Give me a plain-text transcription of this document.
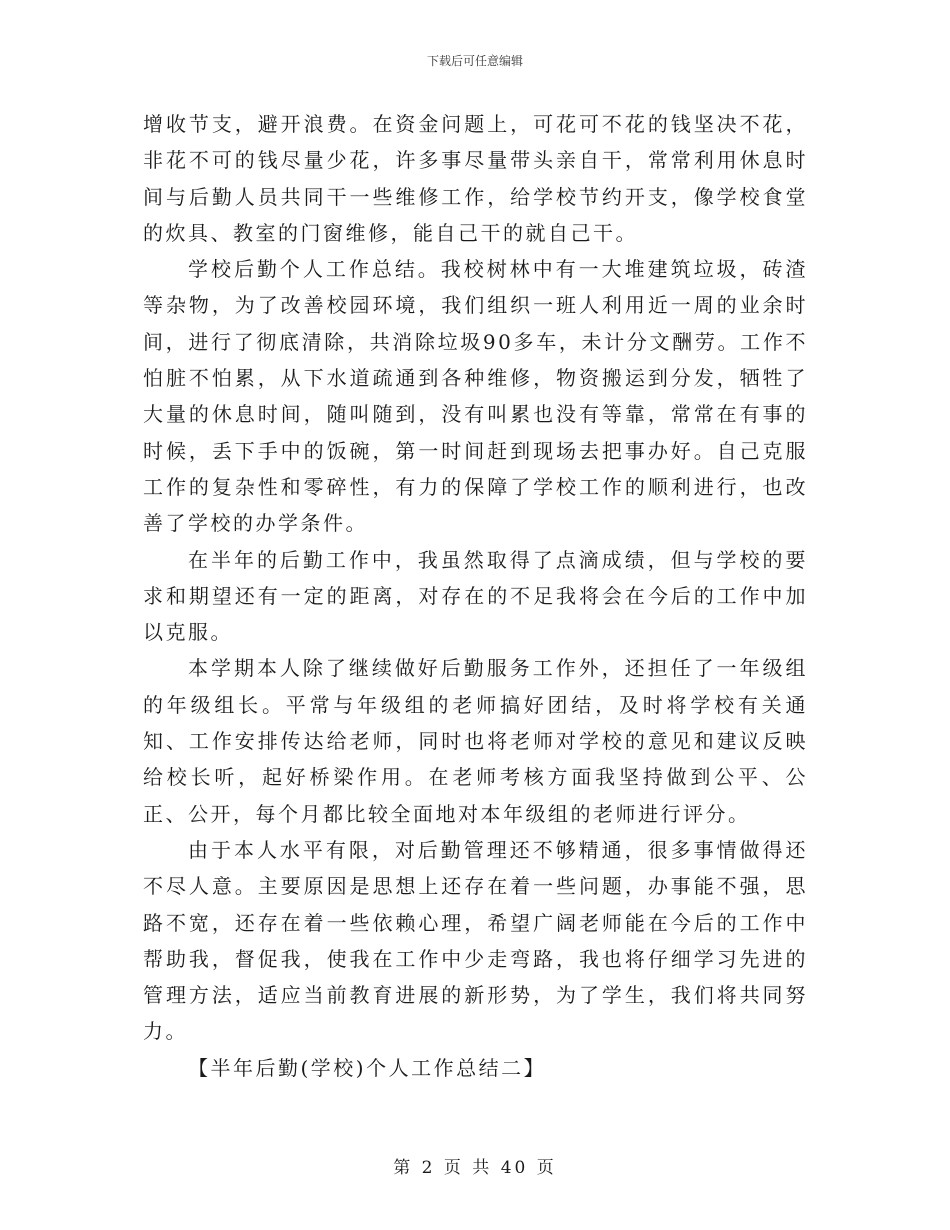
下载后可任意编辑

增收节支，避开浪费。在资金问题上，可花可不花的钱坚决不花，非花不可的钱尽量少花，许多事尽量带头亲自干，常常利用休息时间与后勤人员共同干一些维修工作，给学校节约开支，像学校食堂的炊具、教室的门窗维修，能自己干的就自己干。

学校后勤个人工作总结。我校树林中有一大堆建筑垃圾，砖渣等杂物，为了改善校园环境，我们组织一班人利用近一周的业余时间，进行了彻底清除，共消除垃圾90多车，未计分文酬劳。工作不怕脏不怕累，从下水道疏通到各种维修，物资搬运到分发，牺牲了大量的休息时间，随叫随到，没有叫累也没有等靠，常常在有事的时候，丢下手中的饭碗，第一时间赶到现场去把事办好。自己克服工作的复杂性和零碎性，有力的保障了学校工作的顺利进行，也改善了学校的办学条件。

在半年的后勤工作中，我虽然取得了点滴成绩，但与学校的要求和期望还有一定的距离，对存在的不足我将会在今后的工作中加以克服。

本学期本人除了继续做好后勤服务工作外，还担任了一年级组的年级组长。平常与年级组的老师搞好团结，及时将学校有关通知、工作安排传达给老师，同时也将老师对学校的意见和建议反映给校长听，起好桥梁作用。在老师考核方面我坚持做到公平、公正、公开，每个月都比较全面地对本年级组的老师进行评分。

由于本人水平有限，对后勤管理还不够精通，很多事情做得还不尽人意。主要原因是思想上还存在着一些问题，办事能不强，思路不宽，还存在着一些依赖心理，希望广阔老师能在今后的工作中帮助我，督促我，使我在工作中少走弯路，我也将仔细学习先进的管理方法，适应当前教育进展的新形势，为了学生，我们将共同努力。

【半年后勤(学校)个人工作总结二】

第 2 页 共 40 页
